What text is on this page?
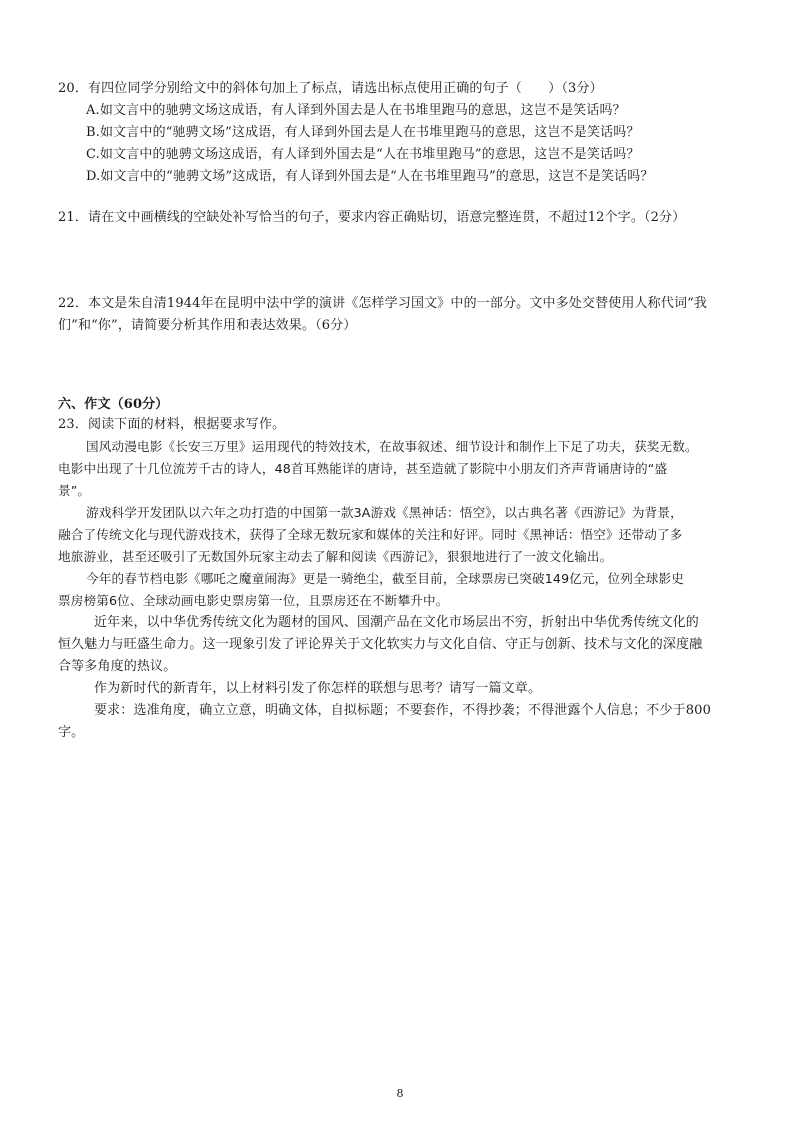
20．有四位同学分别给文中的斜体句加上了标点，请选出标点使用正确的句子（　　）（3分）
A.如文言中的驰骋文场这成语，有人译到外国去是人在书堆里跑马的意思，这岂不是笑话吗？
B.如文言中的“驰骋文场”这成语，有人译到外国去是人在书堆里跑马的意思，这岂不是笑话吗？
C.如文言中的驰骋文场这成语，有人译到外国去是“人在书堆里跑马”的意思，这岂不是笑话吗？
D.如文言中的“驰骋文场”这成语，有人译到外国去是“人在书堆里跑马”的意思，这岂不是笑话吗？
21．请在文中画横线的空缺处补写恰当的句子，要求内容正确贴切，语意完整连贯，不超过12个字。（2分）
22．本文是朱自清1944年在昆明中法中学的演讲《怎样学习国文》中的一部分。文中多处交替使用人称代词“我
们”和“你”，请简要分析其作用和表达效果。（6分）
六、作文（60分）
23．阅读下面的材料，根据要求写作。
国风动漫电影《长安三万里》运用现代的特效技术，在故事叙述、细节设计和制作上下足了功夫，获奖无数。
电影中出现了十几位流芳千古的诗人，48首耳熟能详的唐诗，甚至造就了影院中小朋友们齐声背诵唐诗的“盛
景”。
游戏科学开发团队以六年之功打造的中国第一款3A游戏《黑神话：悟空》，以古典名著《西游记》为背景，
融合了传统文化与现代游戏技术，获得了全球无数玩家和媒体的关注和好评。同时《黑神话：悟空》还带动了多
地旅游业，甚至还吸引了无数国外玩家主动去了解和阅读《西游记》，狠狠地进行了一波文化输出。
今年的春节档电影《哪吒之魔童闹海》更是一骑绝尘，截至目前，全球票房已突破149亿元，位列全球影史
票房榜第6位、全球动画电影史票房第一位，且票房还在不断攀升中。
近年来，以中华优秀传统文化为题材的国风、国潮产品在文化市场层出不穷，折射出中华优秀传统文化的
恒久魅力与旺盛生命力。这一现象引发了评论界关于文化软实力与文化自信、守正与创新、技术与文化的深度融
合等多角度的热议。
作为新时代的新青年，以上材料引发了你怎样的联想与思考？请写一篇文章。
要求：选准角度，确立立意，明确文体，自拟标题；不要套作，不得抄袭；不得泄露个人信息；不少于800
字。
8
